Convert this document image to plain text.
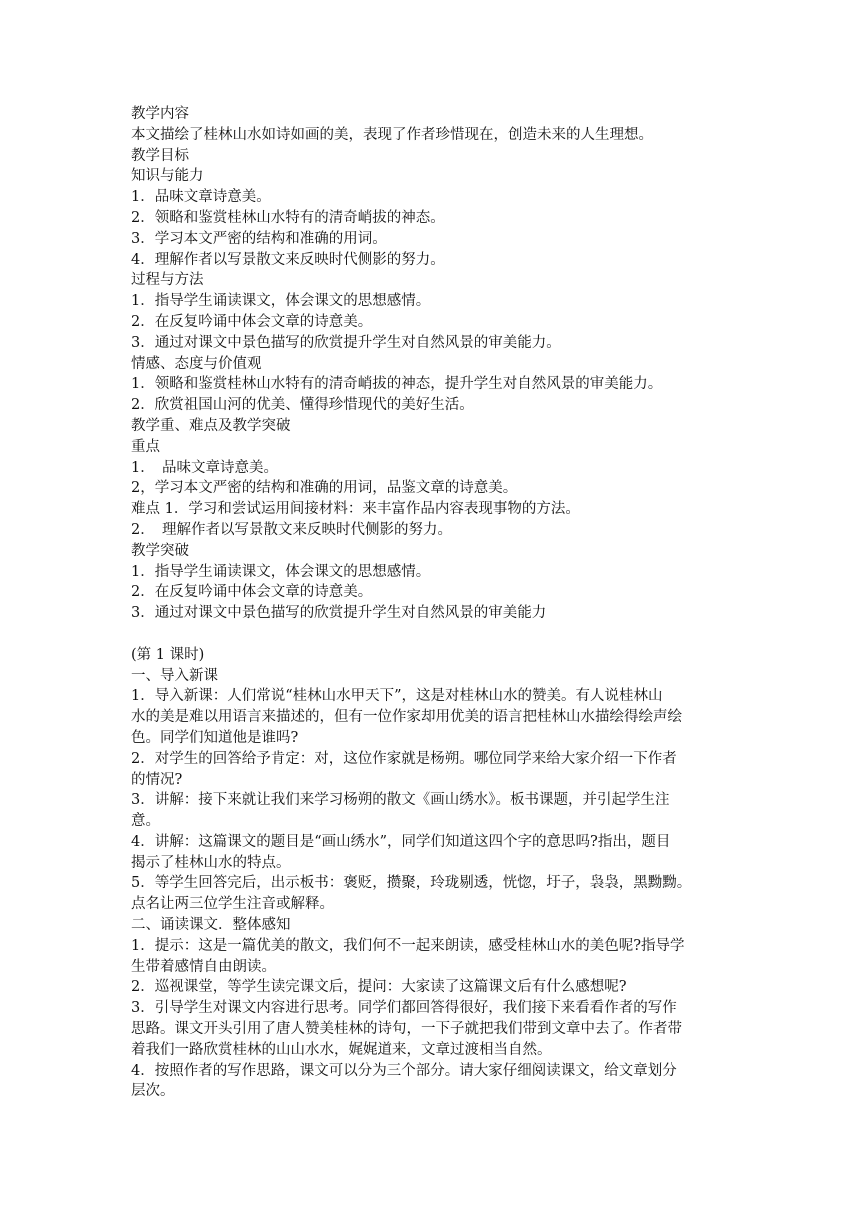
教学内容
本文描绘了桂林山水如诗如画的美，表现了作者珍惜现在，创造未来的人生理想。
教学目标
知识与能力
1．品味文章诗意美。
2．领略和鉴赏桂林山水特有的清奇峭拔的神态。
3．学习本文严密的结构和准确的用词。
4．理解作者以写景散文来反映时代侧影的努力。
过程与方法
1．指导学生诵读课文，体会课文的思想感情。
2．在反复吟诵中体会文章的诗意美。
3．通过对课文中景色描写的欣赏提升学生对自然风景的审美能力。
情感、态度与价值观
1．领略和鉴赏桂林山水特有的清奇峭拔的神态，提升学生对自然风景的审美能力。
2．欣赏祖国山河的优美、懂得珍惜现代的美好生活。
教学重、难点及教学突破
重点
1．　品味文章诗意美。
2，学习本文严密的结构和准确的用词，品鉴文章的诗意美。
难点 1．学习和尝试运用间接材料：来丰富作品内容表现事物的方法。
2．　理解作者以写景散文来反映时代侧影的努力。
教学突破
1．指导学生诵读课文，体会课文的思想感情。
2．在反复吟诵中体会文章的诗意美。
3．通过对课文中景色描写的欣赏提升学生对自然风景的审美能力
(第 1 课时)
一、导入新课
1．导入新课：人们常说“桂林山水甲天下”，这是对桂林山水的赞美。有人说桂林山
水的美是难以用语言来描述的，但有一位作家却用优美的语言把桂林山水描绘得绘声绘
色。同学们知道他是谁吗?
2．对学生的回答给予肯定：对，这位作家就是杨朔。哪位同学来给大家介绍一下作者
的情况?
3．讲解：接下来就让我们来学习杨朔的散文《画山绣水》。板书课题，并引起学生注
意。
4．讲解：这篇课文的题目是“画山绣水”，同学们知道这四个字的意思吗?指出，题目
揭示了桂林山水的特点。
5．等学生回答完后，出示板书：褒贬，攒聚，玲珑剔透，恍惚，圩子，袅袅，黑黝黝。
点名让两三位学生注音或解释。
二、诵读课文．整体感知
1．提示：这是一篇优美的散文，我们何不一起来朗读，感受桂林山水的美色呢?指导学
生带着感情自由朗读。
2．巡视课堂，等学生读完课文后，提问：大家读了这篇课文后有什么感想呢?
3．引导学生对课文内容进行思考。同学们都回答得很好，我们接下来看看作者的写作
思路。课文开头引用了唐人赞美桂林的诗句，一下子就把我们带到文章中去了。作者带
着我们一路欣赏桂林的山山水水，娓娓道来，文章过渡相当自然。
4．按照作者的写作思路，课文可以分为三个部分。请大家仔细阅读课文，给文章划分
层次。
